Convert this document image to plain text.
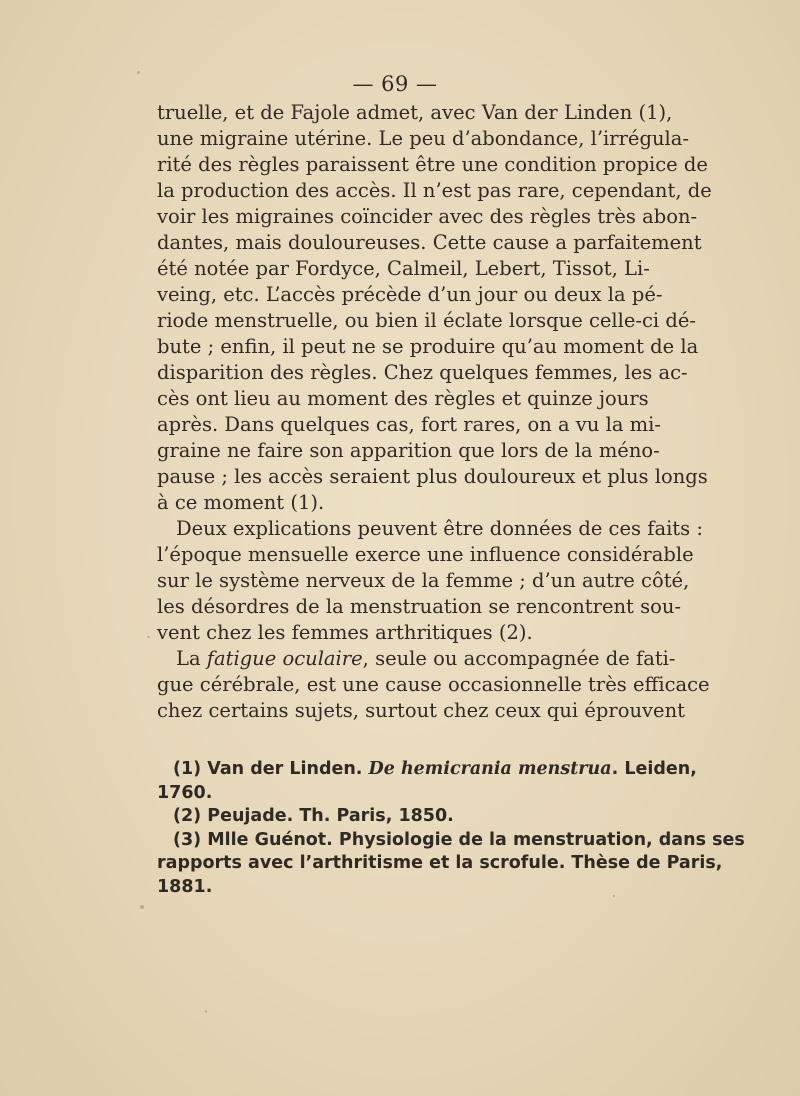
— 69 —
truelle, et de Fajole admet, avec Van der Linden (1),
une migraine utérine. Le peu d’abondance, l’irrégula-
rité des règles paraissent être une condition propice de
la production des accès. Il n’est pas rare, cependant, de
voir les migraines coïncider avec des règles très abon-
dantes, mais douloureuses. Cette cause a parfaitement
été notée par Fordyce, Calmeil, Lebert, Tissot, Li-
veing, etc. L’accès précède d’un jour ou deux la pé-
riode menstruelle, ou bien il éclate lorsque celle-ci dé-
bute ; enfin, il peut ne se produire qu’au moment de la
disparition des règles. Chez quelques femmes, les ac-
cès ont lieu au moment des règles et quinze jours
après. Dans quelques cas, fort rares, on a vu la mi-
graine ne faire son apparition que lors de la méno-
pause ; les accès seraient plus douloureux et plus longs
à ce moment (1).
Deux explications peuvent être données de ces faits :
l’époque mensuelle exerce une influence considérable
sur le système nerveux de la femme ; d’un autre côté,
les désordres de la menstruation se rencontrent sou-
vent chez les femmes arthritiques (2).
La fatigue oculaire, seule ou accompagnée de fati-
gue cérébrale, est une cause occasionnelle très efficace
chez certains sujets, surtout chez ceux qui éprouvent
(1) Van der Linden. De hemicrania menstrua. Leiden,
1760.
(2) Peujade. Th. Paris, 1850.
(3) Mlle Guénot. Physiologie de la menstruation, dans ses
rapports avec l’arthritisme et la scrofule. Thèse de Paris,
1881.
